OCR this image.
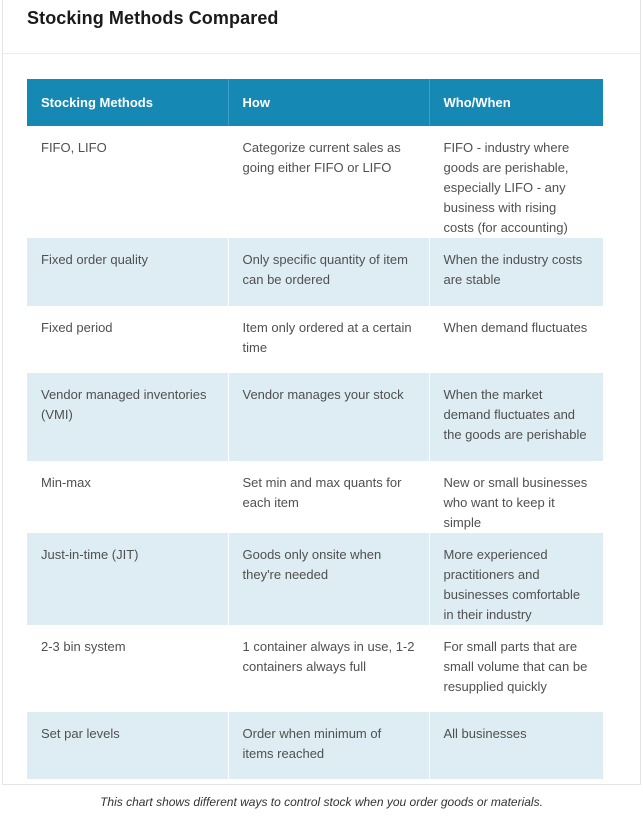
Stocking Methods Compared
Stocking Methods	How	Who/When
FIFO, LIFO	Categorize current sales as going either FIFO or LIFO	FIFO - industry where goods are perishable, especially LIFO - any business with rising costs (for accounting)
Fixed order quality	Only specific quantity of item can be ordered	When the industry costs are stable
Fixed period	Item only ordered at a certain time	When demand fluctuates
Vendor managed inventories (VMI)	Vendor manages your stock	When the market demand fluctuates and the goods are perishable
Min-max	Set min and max quants for each item	New or small businesses who want to keep it simple
Just-in-time (JIT)	Goods only onsite when they're needed	More experienced practitioners and businesses comfortable in their industry
2-3 bin system	1 container always in use, 1-2 containers always full	For small parts that are small volume that can be resupplied quickly
Set par levels	Order when minimum of items reached	All businesses
This chart shows different ways to control stock when you order goods or materials.
